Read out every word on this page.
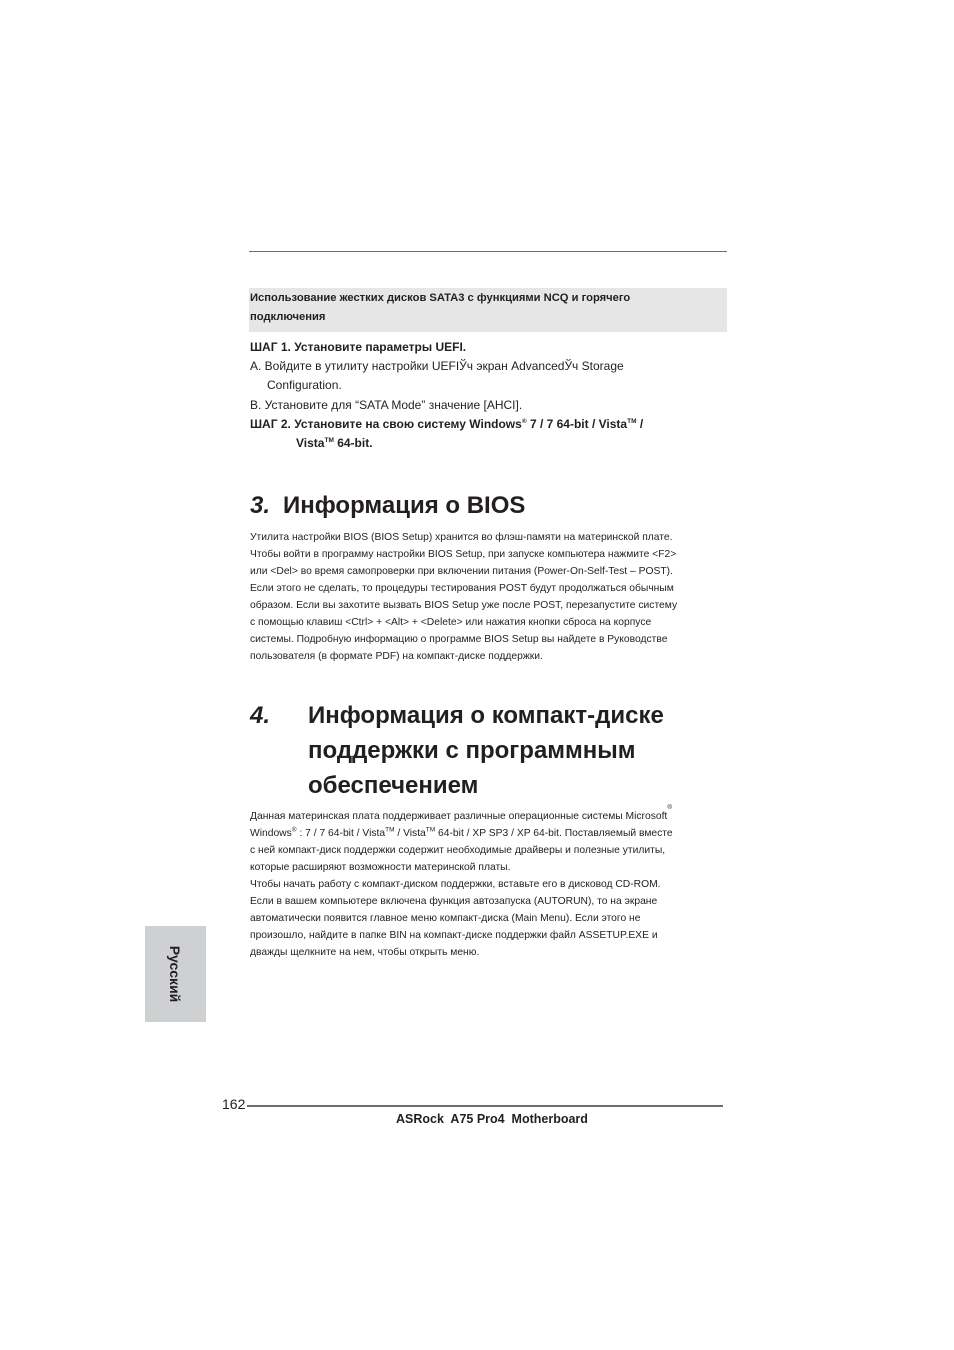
Использование жестких дисков SATA3 с функциями NCQ и горячего
подключения
ШАГ 1. Установите параметры UEFI.
A. Войдите в утилиту настройки UEFIЎч экран AdvancedЎч Storage
Configuration.
B. Установите для “SATA Mode” значение [AHCI].
ШАГ 2. Установите на свою систему Windows® 7 / 7 64-bit / Vista™ /
Vista™ 64-bit.
3. Информация о BIOS
Утилита настройки BIOS (BIOS Setup) хранится во флэш-памяти на материнской плате.
Чтобы войти в программу настройки BIOS Setup, при запуске компьютера нажмите <F2>
или <Del> во время самопроверки при включении питания (Power-On-Self-Test – POST).
Если этого не сделать, то процедуры тестирования POST будут продолжаться обычным
образом. Если вы захотите вызвать BIOS Setup уже после POST, перезапустите систему
с помощью клавиш <Ctrl> + <Alt> + <Delete> или нажатия кнопки сброса на корпусе
системы. Подробную информацию о программе BIOS Setup вы найдете в Руководстве
пользователя (в формате PDF) на компакт-диске поддержки.
4. Информация о компакт-диске
поддержки с программным
обеспечением
Данная материнская плата поддерживает различные операционные системы Microsoft®
Windows® : 7 / 7 64-bit / Vista™ / Vista™ 64-bit / XP SP3 / XP 64-bit. Поставляемый вместе
с ней компакт-диск поддержки содержит необходимые драйверы и полезные утилиты,
которые расширяют возможности материнской платы.
Чтобы начать работу с компакт-диском поддержки, вставьте его в дисковод CD-ROM.
Если в вашем компьютере включена функция автозапуска (AUTORUN), то на экране
автоматически появится главное меню компакт-диска (Main Menu). Если этого не
произошло, найдите в папке BIN на компакт-диске поддержки файл ASSETUP.EXE и
дважды щелкните на нем, чтобы открыть меню.
Русский
162
ASRock  A75 Pro4  Motherboard
